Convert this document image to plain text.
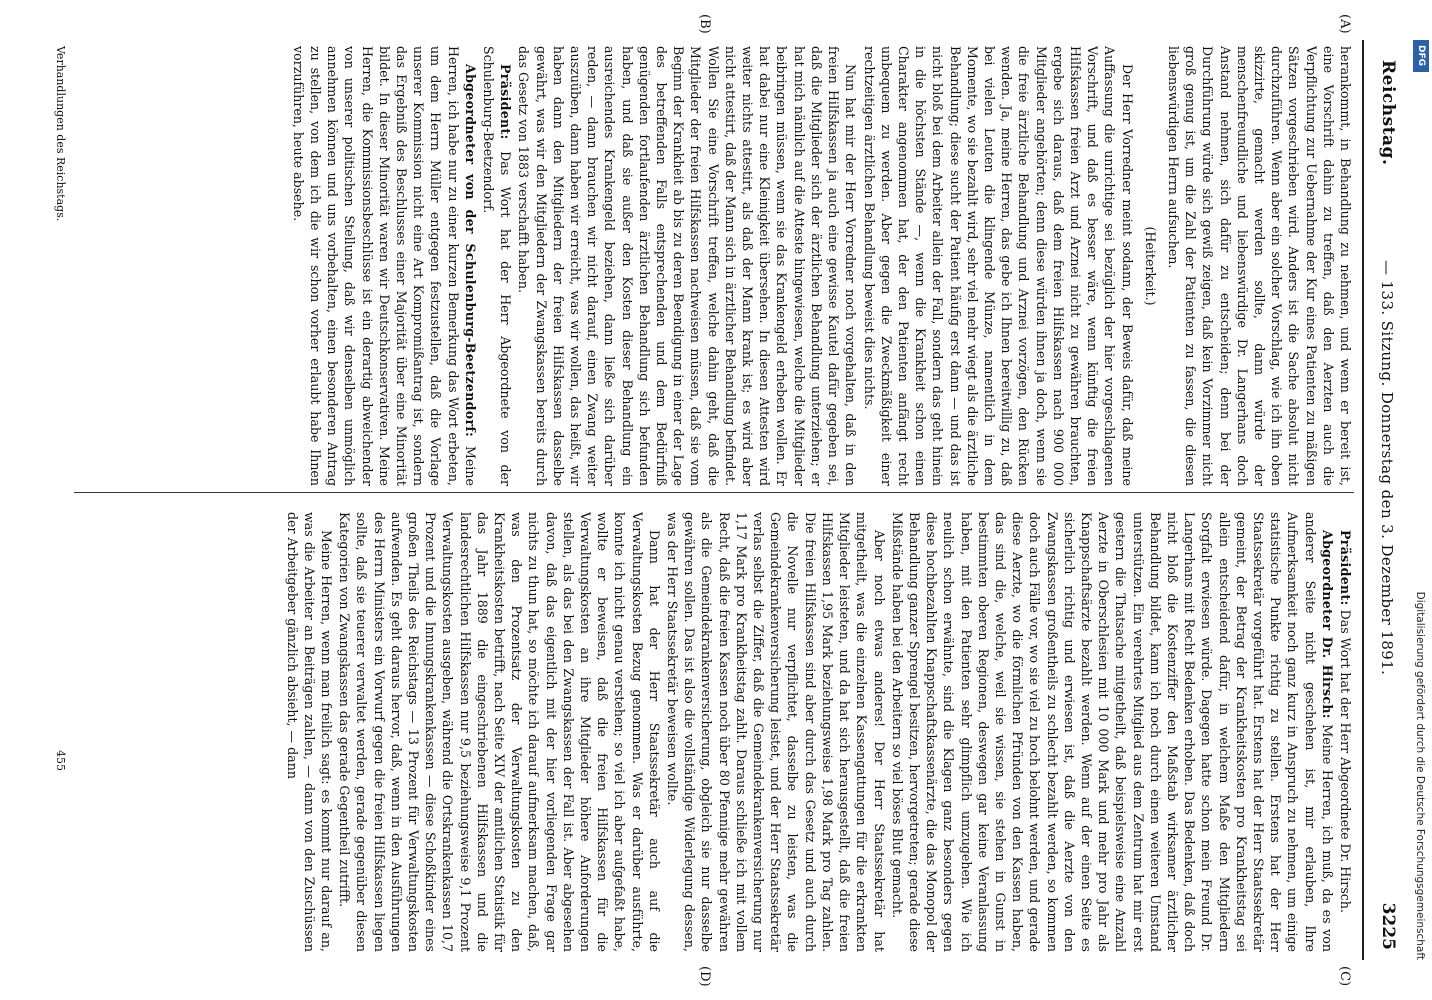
Reichstag.
— 133. Sitzung. Donnerstag den 3. Dezember 1891.
3225

herankommt, in Behandlung zu nehmen, und wenn er bereit ist, eine Vorschrift dahin zu treffen, daß den Aerzten auch die Verpflichtung zur Uebernahme der Kur eines Patienten zu mäßigen Sätzen vorgeschrieben wird. Anders ist die Sache absolut nicht durchzuführen. Wenn aber ein solcher Vorschlag, wie ich ihn oben skizzirte, gemacht werden sollte, dann würde der menschenfreundliche und liebenswürdige Dr. Langerhans doch Anstand nehmen, sich dafür zu entscheiden; denn bei der Durchführung würde sich gewiß zeigen, daß kein Vorzimmer nicht groß genug ist, um die Zahl der Patienten zu fassen, die diesen liebenswürdigen Herrn aufsuchen.

(Heiterkeit.)

Der Herr Vorredner meint sodann, der Beweis dafür, daß meine Auffassung die unrichtige sei bezüglich der hier vorgeschlagenen Vorschrift, und daß es besser wäre, wenn künftig die freien Hilfskassen freien Arzt und Arznei nicht zu gewähren brauchten, ergebe sich daraus, daß dem freien Hilfskassen nach 900 000 Mitglieder angehörten; denn diese würden ihnen ja doch, wenn sie die freie ärztliche Behandlung und Arznei vorzögen, den Rücken wenden. Ja, meine Herren, das gebe ich Ihnen bereitwillig zu, daß bei vielen Leuten die klingende Münze, namentlich in dem Momente, wo sie bezahlt wird, sehr viel mehr wiegt als die ärztliche Behandlung; diese sucht der Patient häufig erst dann — und das ist nicht bloß bei dem Arbeiter allein der Fall, sondern das geht hinein in die höchsten Stände —, wenn die Krankheit schon einen Charakter angenommen hat, der den Patienten anfängt recht unbequem zu werden. Aber gegen die Zweckmäßigkeit einer rechtzeitigen ärztlichen Behandlung beweist dies nichts.

Nun hat mir der Herr Vorredner noch vorgehalten, daß in den freien Hilfskassen ja auch eine gewisse Kautel dafür gegeben sei, daß die Mitglieder sich der ärztlichen Behandlung unterziehen; er hat mich nämlich auf die Atteste hingewiesen, welche die Mitglieder beibringen müssen, wenn sie das Krankengeld erheben wollen. Er hat dabei nur eine Kleinigkeit übersehen. In diesen Attesten wird weiter nichts attestirt, als daß der Mann krank ist; es wird aber nicht attestirt, daß der Mann sich in ärztlicher Behandlung befindet. Wollen Sie eine Vorschrift treffen, welche dahin geht, daß die Mitglieder der freien Hilfskassen nachweisen müssen, daß sie vom Beginn der Krankheit ab bis zu deren Beendigung in einer der Lage des betreffenden Falls entsprechenden und dem Bedürfniß genügenden fortlaufenden ärztlichen Behandlung sich befunden haben, und daß sie außer den Kosten dieser Behandlung ein ausreichendes Krankengeld beziehen, dann ließe sich darüber reden, — dann brauchen wir nicht darauf, einen Zwang weiter auszuüben, dann haben wir erreicht, was wir wollen, das heißt, wir haben dann den Mitgliedern der freien Hilfskassen dasselbe gewährt, was wir den Mitgliedern der Zwangskassen bereits durch das Gesetz von 1883 verschafft haben.

Präsident: Das Wort hat der Herr Abgeordnete von der Schulenburg-Beetzendorf.

Abgeordneter von der Schulenburg-Beetzendorf: Meine Herren, ich habe nur zu einer kurzen Bemerkung das Wort erbeten, um dem Herrn Müller entgegen festzustellen, daß die Vorlage unserer Kommission nicht eine Art Kompromißantrag ist, sondern das Ergebniß des Beschlusses einer Majorität über eine Minorität bildet. In dieser Minorität waren wir Deutschkonservativen. Meine Herren, die Kommissionsbeschlüsse ist ein derartig abweichender von unserer politischen Stellung, daß wir denselben unmöglich annehmen können und uns vorbehalten, einen besonderen Antrag zu stellen, von dem ich die wir schon vorher erlaubt habe Ihnen vorzuführen, heute absehe.

Präsident: Das Wort hat der Herr Abgeordnete Dr. Hirsch.

Abgeordneter Dr. Hirsch: Meine Herren, ich muß, da es von anderer Seite nicht geschehen ist, mir erlauben, Ihre Aufmerksamkeit noch ganz kurz in Anspruch zu nehmen, um einige statistische Punkte richtig zu stellen. Erstens hat der Herr Staatssekretär vorgeführt hat. Erstens hat der Herr Staatssekretär gemeint, der Betrag der Krankheitskosten pro Krankheitstag sei allein entscheidend dafür, in welchem Maße den Mitgliedern Sorgfalt erwiesen würde. Dagegen hatte schon mein Freund Dr. Langerhans mit Recht Bedenken erhoben. Das Bedenken, daß doch nicht bloß die Kostenziffer den Maßstab wirksamer ärztlicher Behandlung bildet, kann ich noch durch einen weiteren Umstand unterstützen. Ein verehrtes Mitglied aus dem Zentrum hat mir erst gestern die Thatsache mitgetheilt, daß beispielsweise eine Anzahl Aerzte in Oberschlesien mit 10 000 Mark und mehr pro Jahr als Knappschaftsärzte bezahlt werden. Wenn auf der einen Seite es sicherlich richtig und erwiesen ist, daß die Aerzte von den Zwangskassen großentheils zu schlecht bezahlt werden, so kommen doch auch Fälle vor, wo sie viel zu hoch belohnt werden, und gerade diese Aerzte, wo die förmlichen Pfründen von den Kassen haben, das sind die, welche, weil sie wissen, sie stehen in Gunst in bestimmten oberen Regionen, deswegen gar keine Veranlassung haben, mit den Patienten sehr glimpflich umzugehen. Wie ich neulich schon erwähnte, sind die Klagen ganz besonders gegen diese hochbezahlten Knappschaftskassenärzte, die das Monopol der Behandlung ganzer Sprengel besitzen, hervorgetreten; gerade diese Mißstände haben bei den Arbeitern so viel böses Blut gemacht.

Aber noch etwas anderes! Der Herr Staatssekretär hat mitgetheilt, was die einzelnen Kassengattungen für die erkrankten Mitglieder leisteten, und da hat sich herausgestellt, daß die freien Hilfskassen 1,95 Mark beziehungsweise 1,98 Mark pro Tag zahlen. Die freien Hilfskassen sind aber durch das Gesetz und auch durch die Novelle nur verpflichtet, dasselbe zu leisten, was die Gemeindekrankenversicherung leistet, und der Herr Staatssekretär verlas selbst die Ziffer, daß die Gemeindekrankenversicherung nur 1,17 Mark pro Krankheitstag zahlt. Daraus schließe ich mit vollem Recht, daß die freien Kassen noch über 80 Pfennige mehr gewähren als die Gemeindekrankenversicherung, obgleich sie nur dasselbe gewähren sollen. Das ist also die vollständige Widerlegung dessen, was der Herr Staatssekretär beweisen wollte.

Dann hat der Herr Staatssekretär auch auf die Verwaltungskosten Bezug genommen. Was er darüber ausführte, konnte ich nicht genau verstehen; so viel ich aber aufgefaßt habe, wollte er beweisen, daß die freien Hilfskassen für die Verwaltungskosten an ihre Mitglieder höhere Anforderungen stellen, als das bei den Zwangskassen der Fall ist. Aber abgesehen davon, daß das eigentlich mit der hier vorliegenden Frage gar nichts zu thun hat, so möchte ich darauf aufmerksam machen, daß, was den Prozentsatz der Verwaltungskosten zu den Krankheitskosten betrifft, nach Seite XIV der amtlichen Statistik für das Jahr 1889 die eingeschriebenen Hilfskassen und die landesrechtlichen Hilfskassen nur 9,5 beziehungsweise 9,1 Prozent Verwaltungskosten ausgeben, während die Ortskrankenkassen 10,7 Prozent und die Innungskrankenkassen — diese Schoßkinder eines großen Theils des Reichstags — 13 Prozent für Verwaltungskosten aufwenden. Es geht daraus hervor, daß, wenn in den Ausführungen des Herrn Ministers ein Vorwurf gegen die freien Hilfskassen liegen sollte, daß sie teuerer verwaltet werden, gerade gegenüber diesen Kategorien von Zwangskassen das gerade Gegentheil zutrifft.

Meine Herren, wenn man freilich sagt: es kommt nur darauf an, was die Arbeiter an Beiträgen zahlen, — dann von den Zuschüssen der Arbeitgeber gänzlich absieht, — dann

(A)
(B)
(C)
(D)
Verhandlungen des Reichstags.
455
DFG
Digitalisierung gefördert durch die Deutsche Forschungsgemeinschaft
